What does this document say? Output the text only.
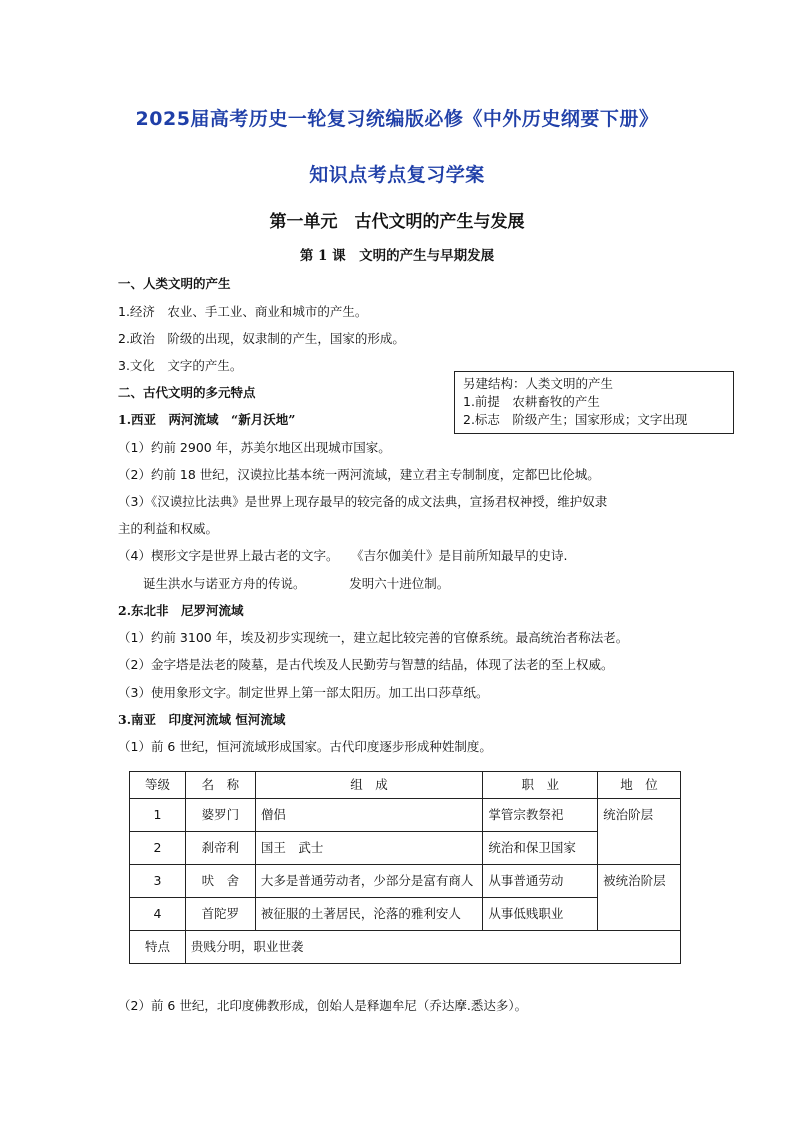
2025届高考历史一轮复习统编版必修《中外历史纲要下册》
知识点考点复习学案
第一单元　古代文明的产生与发展
第 1 课　文明的产生与早期发展
一、人类文明的产生
1.经济　农业、手工业、商业和城市的产生。
2.政治　阶级的出现，奴隶制的产生，国家的形成。
3.文化　文字的产生。
另建结构：人类文明的产生
1.前提　农耕畜牧的产生
2.标志　阶级产生；国家形成；文字出现
二、古代文明的多元特点
1.西亚　两河流域　“新月沃地”
（1）约前 2900 年，苏美尔地区出现城市国家。
（2）约前 18 世纪，汉谟拉比基本统一两河流域，建立君主专制制度，定都巴比伦城。
（3）《汉谟拉比法典》是世界上现存最早的较完备的成文法典，宣扬君权神授，维护奴隶
主的利益和权威。
（4）楔形文字是世界上最古老的文字。　　《吉尔伽美什》是目前所知最早的史诗.
　　诞生洪水与诺亚方舟的传说。　　　　发明六十进位制。
2.东北非　尼罗河流域
（1）约前 3100 年，埃及初步实现统一，建立起比较完善的官僚系统。最高统治者称法老。
（2）金字塔是法老的陵墓，是古代埃及人民勤劳与智慧的结晶，体现了法老的至上权威。
（3）使用象形文字。制定世界上第一部太阳历。加工出口莎草纸。
3.南亚　印度河流域 恒河流域
（1）前 6 世纪，恒河流域形成国家。古代印度逐步形成种姓制度。
等级	名　称	组　成	职　业	地　位
1	婆罗门	僧侣	掌管宗教祭祀	统治阶层
2	刹帝利	国王　武士	统治和保卫国家	
3	吠　舍	大多是普通劳动者，少部分是富有商人	从事普通劳动	被统治阶层
4	首陀罗	被征服的土著居民，沦落的雅利安人	从事低贱职业	
特点	贵贱分明，职业世袭			
（2）前 6 世纪，北印度佛教形成，创始人是释迦牟尼（乔达摩.悉达多）。
